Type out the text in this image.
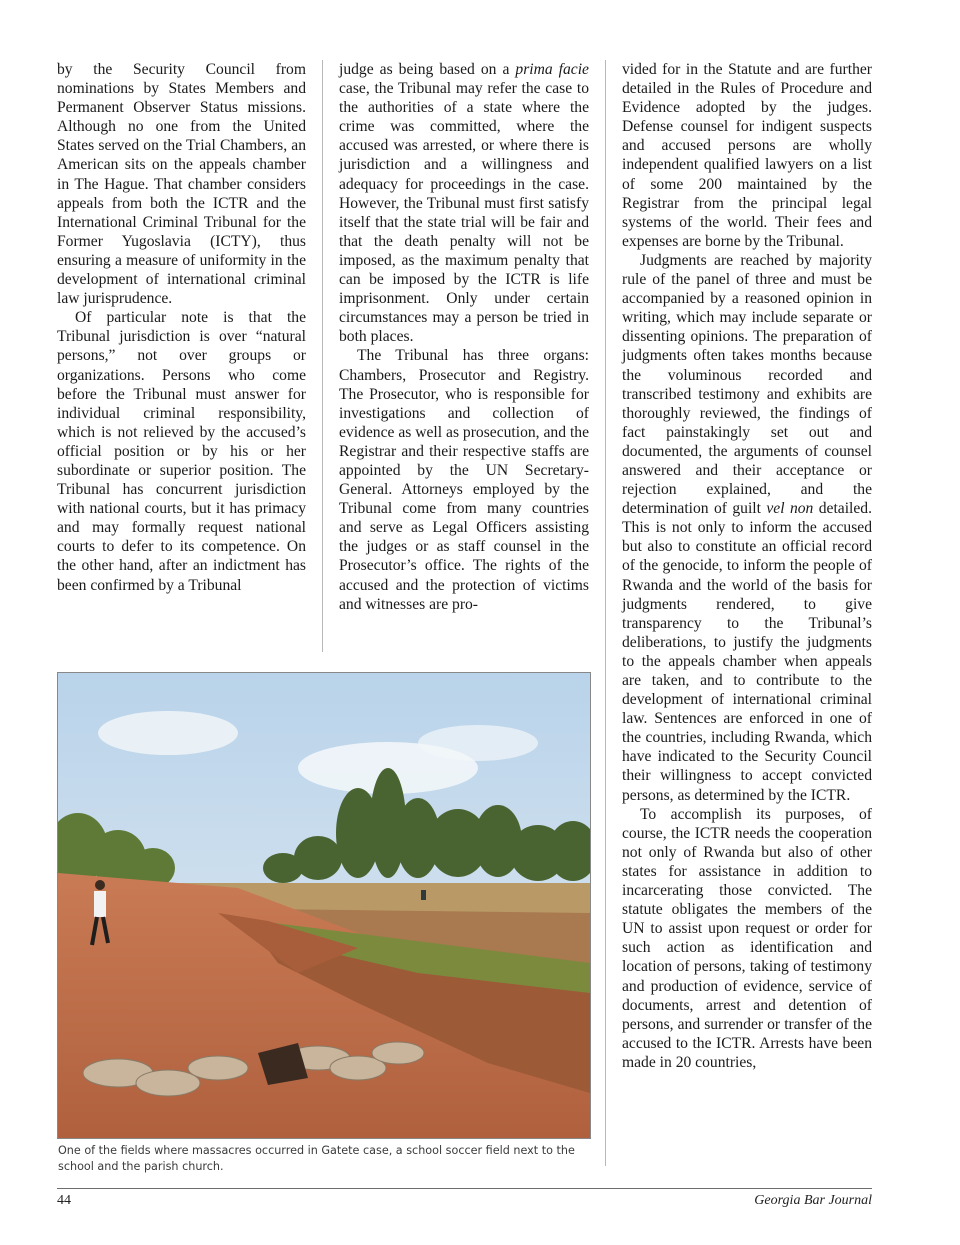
by the Security Council from nominations by States Members and Permanent Observer Status missions. Although no one from the United States served on the Trial Chambers, an American sits on the appeals chamber in The Hague. That chamber considers appeals from both the ICTR and the International Criminal Tribunal for the Former Yugoslavia (ICTY), thus ensuring a measure of uniformity in the development of international criminal law jurisprudence.

Of particular note is that the Tribunal jurisdiction is over “natural persons,” not over groups or organizations. Persons who come before the Tribunal must answer for individual criminal responsibility, which is not relieved by the accused’s official position or by his or her subordinate or superior position. The Tribunal has concurrent jurisdiction with national courts, but it has primacy and may formally request national courts to defer to its competence. On the other hand, after an indictment has been confirmed by a Tribunal

judge as being based on a prima facie case, the Tribunal may refer the case to the authorities of a state where the crime was committed, where the accused was arrested, or where there is jurisdiction and a willingness and adequacy for proceedings in the case. However, the Tribunal must first satisfy itself that the state trial will be fair and that the death penalty will not be imposed, as the maximum penalty that can be imposed by the ICTR is life imprisonment. Only under certain circumstances may a person be tried in both places.

The Tribunal has three organs: Chambers, Prosecutor and Registry. The Prosecutor, who is responsible for investigations and collection of evidence as well as prosecution, and the Registrar and their respective staffs are appointed by the UN Secretary-General. Attorneys employed by the Tribunal come from many countries and serve as Legal Officers assisting the judges or as staff counsel in the Prosecutor’s office. The rights of the accused and the protection of victims and witnesses are pro-

vided for in the Statute and are further detailed in the Rules of Procedure and Evidence adopted by the judges. Defense counsel for indigent suspects and accused persons are wholly independent qualified lawyers on a list of some 200 maintained by the Registrar from the principal legal systems of the world. Their fees and expenses are borne by the Tribunal.

Judgments are reached by majority rule of the panel of three and must be accompanied by a reasoned opinion in writing, which may include separate or dissenting opinions. The preparation of judgments often takes months because the voluminous recorded and transcribed testimony and exhibits are thoroughly reviewed, the findings of fact painstakingly set out and documented, the arguments of counsel answered and their acceptance or rejection explained, and the determination of guilt vel non detailed. This is not only to inform the accused but also to constitute an official record of the genocide, to inform the people of Rwanda and the world of the basis for judgments rendered, to give transparency to the Tribunal’s deliberations, to justify the judgments to the appeals chamber when appeals are taken, and to contribute to the development of international criminal law. Sentences are enforced in one of the countries, including Rwanda, which have indicated to the Security Council their willingness to accept convicted persons, as determined by the ICTR.

To accomplish its purposes, of course, the ICTR needs the cooperation not only of Rwanda but also of other states for assistance in addition to incarcerating those convicted. The statute obligates the members of the UN to assist upon request or order for such action as identification and location of persons, taking of testimony and production of evidence, service of documents, arrest and detention of persons, and surrender or transfer of the accused to the ICTR. Arrests have been made in 20 countries,

One of the fields where massacres occurred in Gatete case, a school soccer field next to the school and the parish church.
44	Georgia Bar Journal
